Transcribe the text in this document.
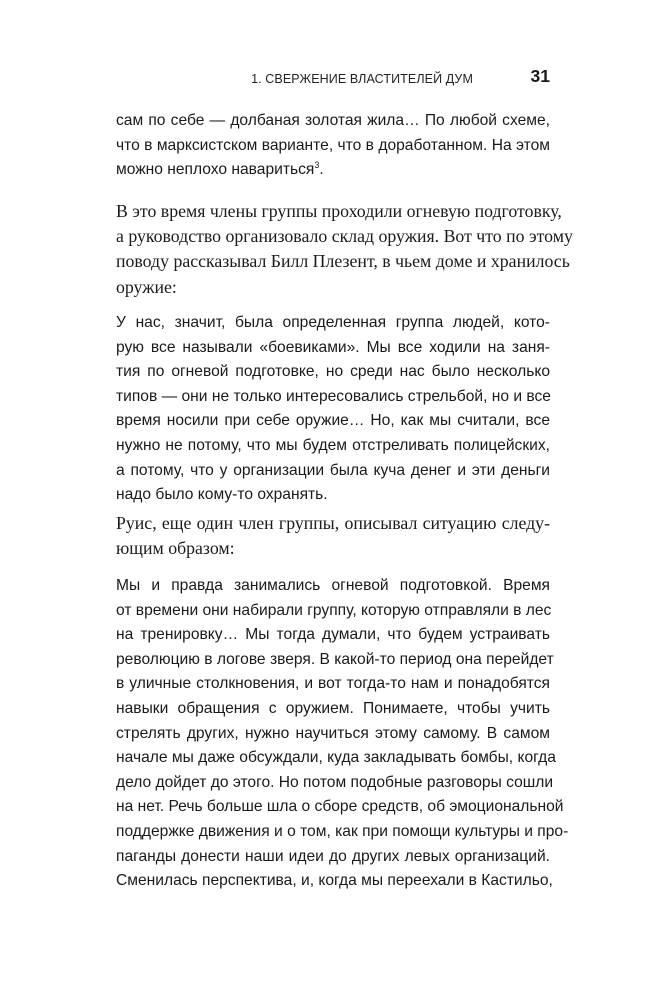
1. СВЕРЖЕНИЕ ВЛАСТИТЕЛЕЙ ДУМ	31
сам по себе — долбаная золотая жила… По любой схеме,
что в марксистском варианте, что в доработанном. На этом
можно неплохо навариться$^3$.
В это время члены группы проходили огневую подготовку,
а руководство организовало склад оружия. Вот что по этому
поводу рассказывал Билл Плезент, в чьем доме и хранилось
оружие:
У нас, значит, была определенная группа людей, кото-
рую все называли «боевиками». Мы все ходили на заня-
тия по огневой подготовке, но среди нас было несколько
типов — они не только интересовались стрельбой, но и все
время носили при себе оружие… Но, как мы считали, все
нужно не потому, что мы будем отстреливать полицейских,
а потому, что у организации была куча денег и эти деньги
надо было кому-то охранять.
Руис, еще один член группы, описывал ситуацию следу-
ющим образом:
Мы и правда занимались огневой подготовкой. Время
от времени они набирали группу, которую отправляли в лес
на тренировку… Мы тогда думали, что будем устраивать
революцию в логове зверя. В какой-то период она перейдет
в уличные столкновения, и вот тогда-то нам и понадобятся
навыки обращения с оружием. Понимаете, чтобы учить
стрелять других, нужно научиться этому самому. В самом
начале мы даже обсуждали, куда закладывать бомбы, когда
дело дойдет до этого. Но потом подобные разговоры сошли
на нет. Речь больше шла о сборе средств, об эмоциональной
поддержке движения и о том, как при помощи культуры и про-
паганды донести наши идеи до других левых организаций.
Сменилась перспектива, и, когда мы переехали в Кастильо,
